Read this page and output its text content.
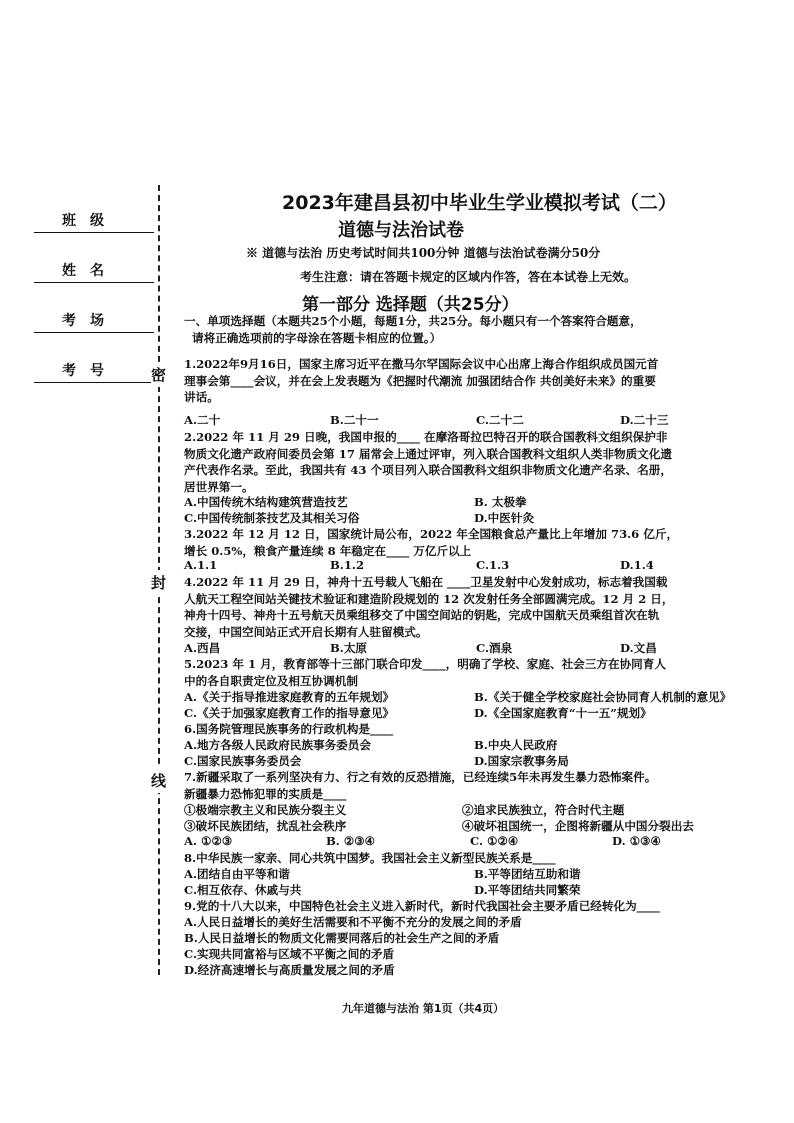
班级
姓名
考场
考号 密
封
线
2023年建昌县初中毕业生学业模拟考试（二）
道德与法治试卷
※ 道德与法治 历史考试时间共100分钟 道德与法治试卷满分50分
考生注意：请在答题卡规定的区域内作答，答在本试卷上无效。
第一部分 选择题（共25分）
一、单项选择题（本题共25个小题，每题1分，共25分。每小题只有一个答案符合题意，
请将正确选项前的字母涂在答题卡相应的位置。）
1.2022年9月16日，国家主席习近平在撒马尔罕国际会议中心出席上海合作组织成员国元首
理事会第____会议，并在会上发表题为《把握时代潮流 加强团结合作 共创美好未来》的重要
讲话。
A.二十	B.二十一	C.二十二	D.二十三
2.2022 年 11 月 29 日晚，我国申报的____ 在摩洛哥拉巴特召开的联合国教科文组织保护非
物质文化遗产政府间委员会第 17 届常会上通过评审，列入联合国教科文组织人类非物质文化遗
产代表作名录。至此，我国共有 43 个项目列入联合国教科文组织非物质文化遗产名录、名册，
居世界第一。
A.中国传统木结构建筑营造技艺	B. 太极拳
C.中国传统制茶技艺及其相关习俗	D.中医针灸
3.2022 年 12 月 12 日，国家统计局公布，2022 年全国粮食总产量比上年增加 73.6 亿斤，
增长 0.5%，粮食产量连续 8 年稳定在____ 万亿斤以上
A.1.1	B.1.2	C.1.3	D.1.4
4.2022 年 11 月 29 日，神舟十五号载人飞船在 ____卫星发射中心发射成功，标志着我国载
人航天工程空间站关键技术验证和建造阶段规划的 12 次发射任务全部圆满完成。12 月 2 日，
神舟十四号、神舟十五号航天员乘组移交了中国空间站的钥匙，完成中国航天员乘组首次在轨
交接，中国空间站正式开启长期有人驻留模式。
A.西昌	B.太原	C.酒泉	D.文昌
5.2023 年 1 月，教育部等十三部门联合印发____，明确了学校、家庭、社会三方在协同育人
中的各自职责定位及相互协调机制
A.《关于指导推进家庭教育的五年规划》	B.《关于健全学校家庭社会协同育人机制的意见》
C.《关于加强家庭教育工作的指导意见》	D.《全国家庭教育“十一五”规划》
6.国务院管理民族事务的行政机构是____
A.地方各级人民政府民族事务委员会	B.中央人民政府
C.国家民族事务委员会	D.国家宗教事务局
7.新疆采取了一系列坚决有力、行之有效的反恐措施，已经连续5年未再发生暴力恐怖案件。
新疆暴力恐怖犯罪的实质是____
①极端宗教主义和民族分裂主义	②追求民族独立，符合时代主题
③破坏民族团结，扰乱社会秩序	④破坏祖国统一，企图将新疆从中国分裂出去
A. ①②③	B. ②③④	C. ①②④	D. ①③④
8.中华民族一家亲、同心共筑中国梦。我国社会主义新型民族关系是____
A.团结自由平等和谐	B.平等团结互助和谐
C.相互依存、休戚与共	D.平等团结共同繁荣
9.党的十八大以来，中国特色社会主义进入新时代，新时代我国社会主要矛盾已经转化为____
A.人民日益增长的美好生活需要和不平衡不充分的发展之间的矛盾
B.人民日益增长的物质文化需要同落后的社会生产之间的矛盾
C.实现共同富裕与区域不平衡之间的矛盾
D.经济高速增长与高质量发展之间的矛盾
九年道德与法治 第1页（共4页）
